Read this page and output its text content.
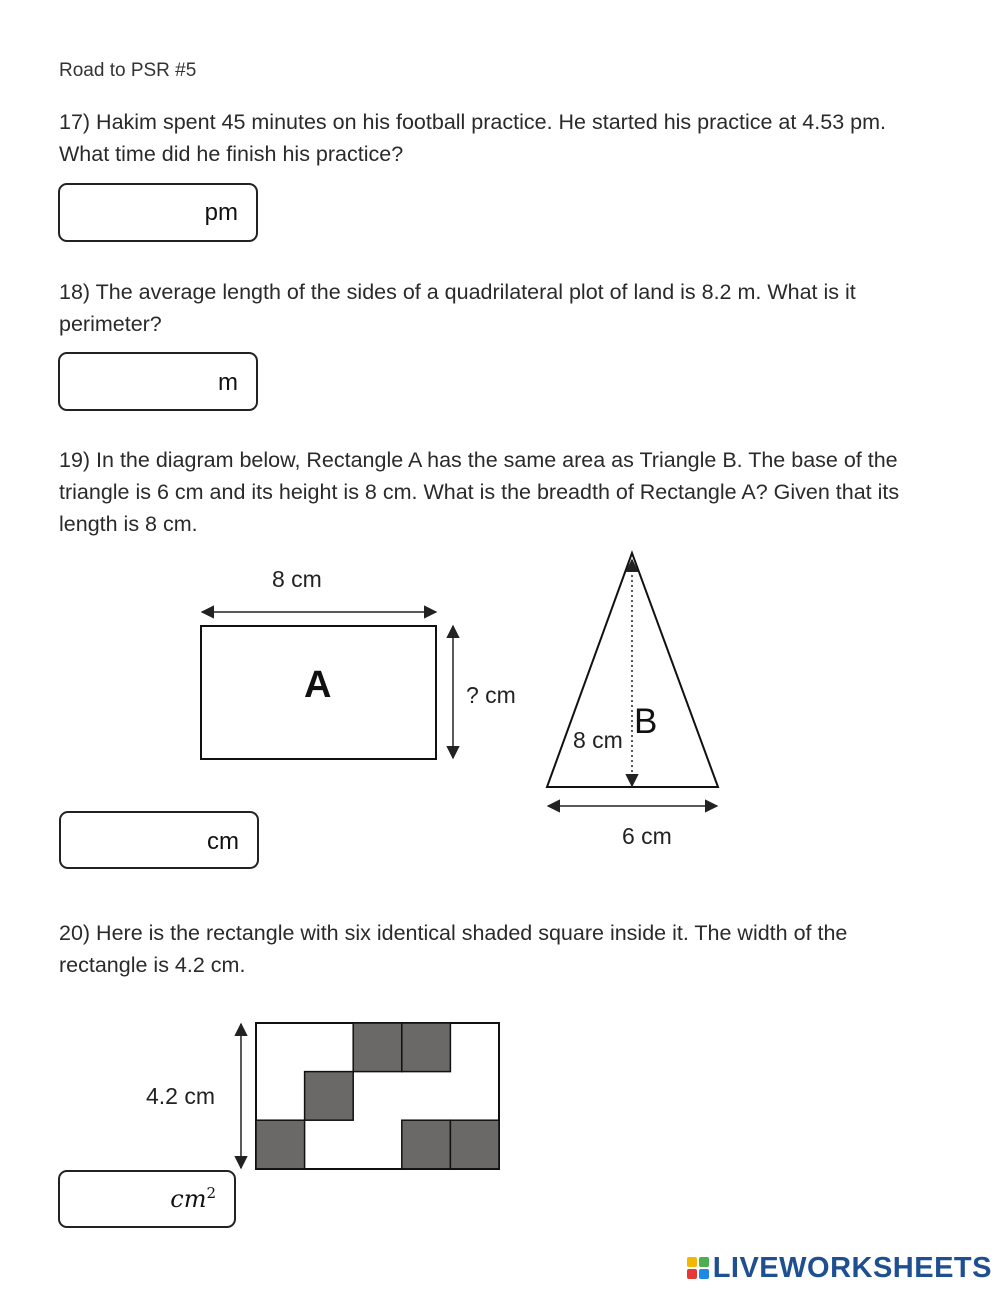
Road to PSR #5
17) Hakim spent 45 minutes on his football practice. He started his practice at 4.53 pm. What time did he finish his practice?
pm
18) The average length of the sides of a quadrilateral plot of land is 8.2 m. What is it perimeter?
m
19) In the diagram below, Rectangle A has the same area as Triangle B. The base of the triangle is 6 cm and its height is 8 cm. What is the breadth of Rectangle A? Given that its length is 8 cm.
8 cm
A	? cm
B
8 cm
6 cm
cm
20) Here is the rectangle with six identical shaded square inside it. The width of the rectangle is 4.2 cm.
4.2 cm
$cm^2$
LIVEWORKSHEETS
